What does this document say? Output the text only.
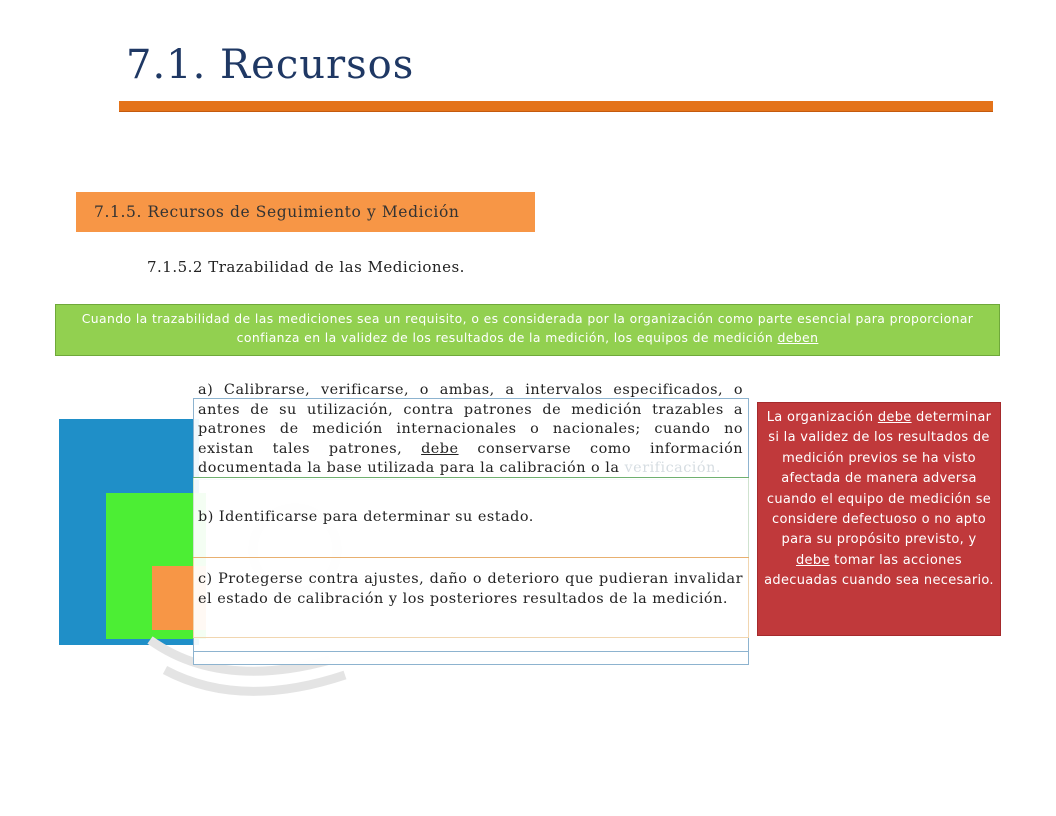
7.1. Recursos
7.1.5. Recursos de Seguimiento y Medición
7.1.5.2 Trazabilidad de las Mediciones.
Cuando la trazabilidad de las mediciones sea un requisito, o es considerada por la organización como parte esencial para proporcionar confianza en la validez de los resultados de la medición, los equipos de medición deben
a) Calibrarse, verificarse, o ambas, a intervalos especificados, o antes de su utilización, contra patrones de medición trazables a patrones de medición internacionales o nacionales; cuando no existan tales patrones, debe conservarse como información documentada la base utilizada para la calibración o la verificación.
b) Identificarse para determinar su estado.
c) Protegerse contra ajustes, daño o deterioro que pudieran invalidar el estado de calibración y los posteriores resultados de la medición.
La organización debe determinar si la validez de los resultados de medición previos se ha visto afectada de manera adversa cuando el equipo de medición se considere defectuoso o no apto para su propósito previsto, y debe tomar las acciones adecuadas cuando sea necesario.
